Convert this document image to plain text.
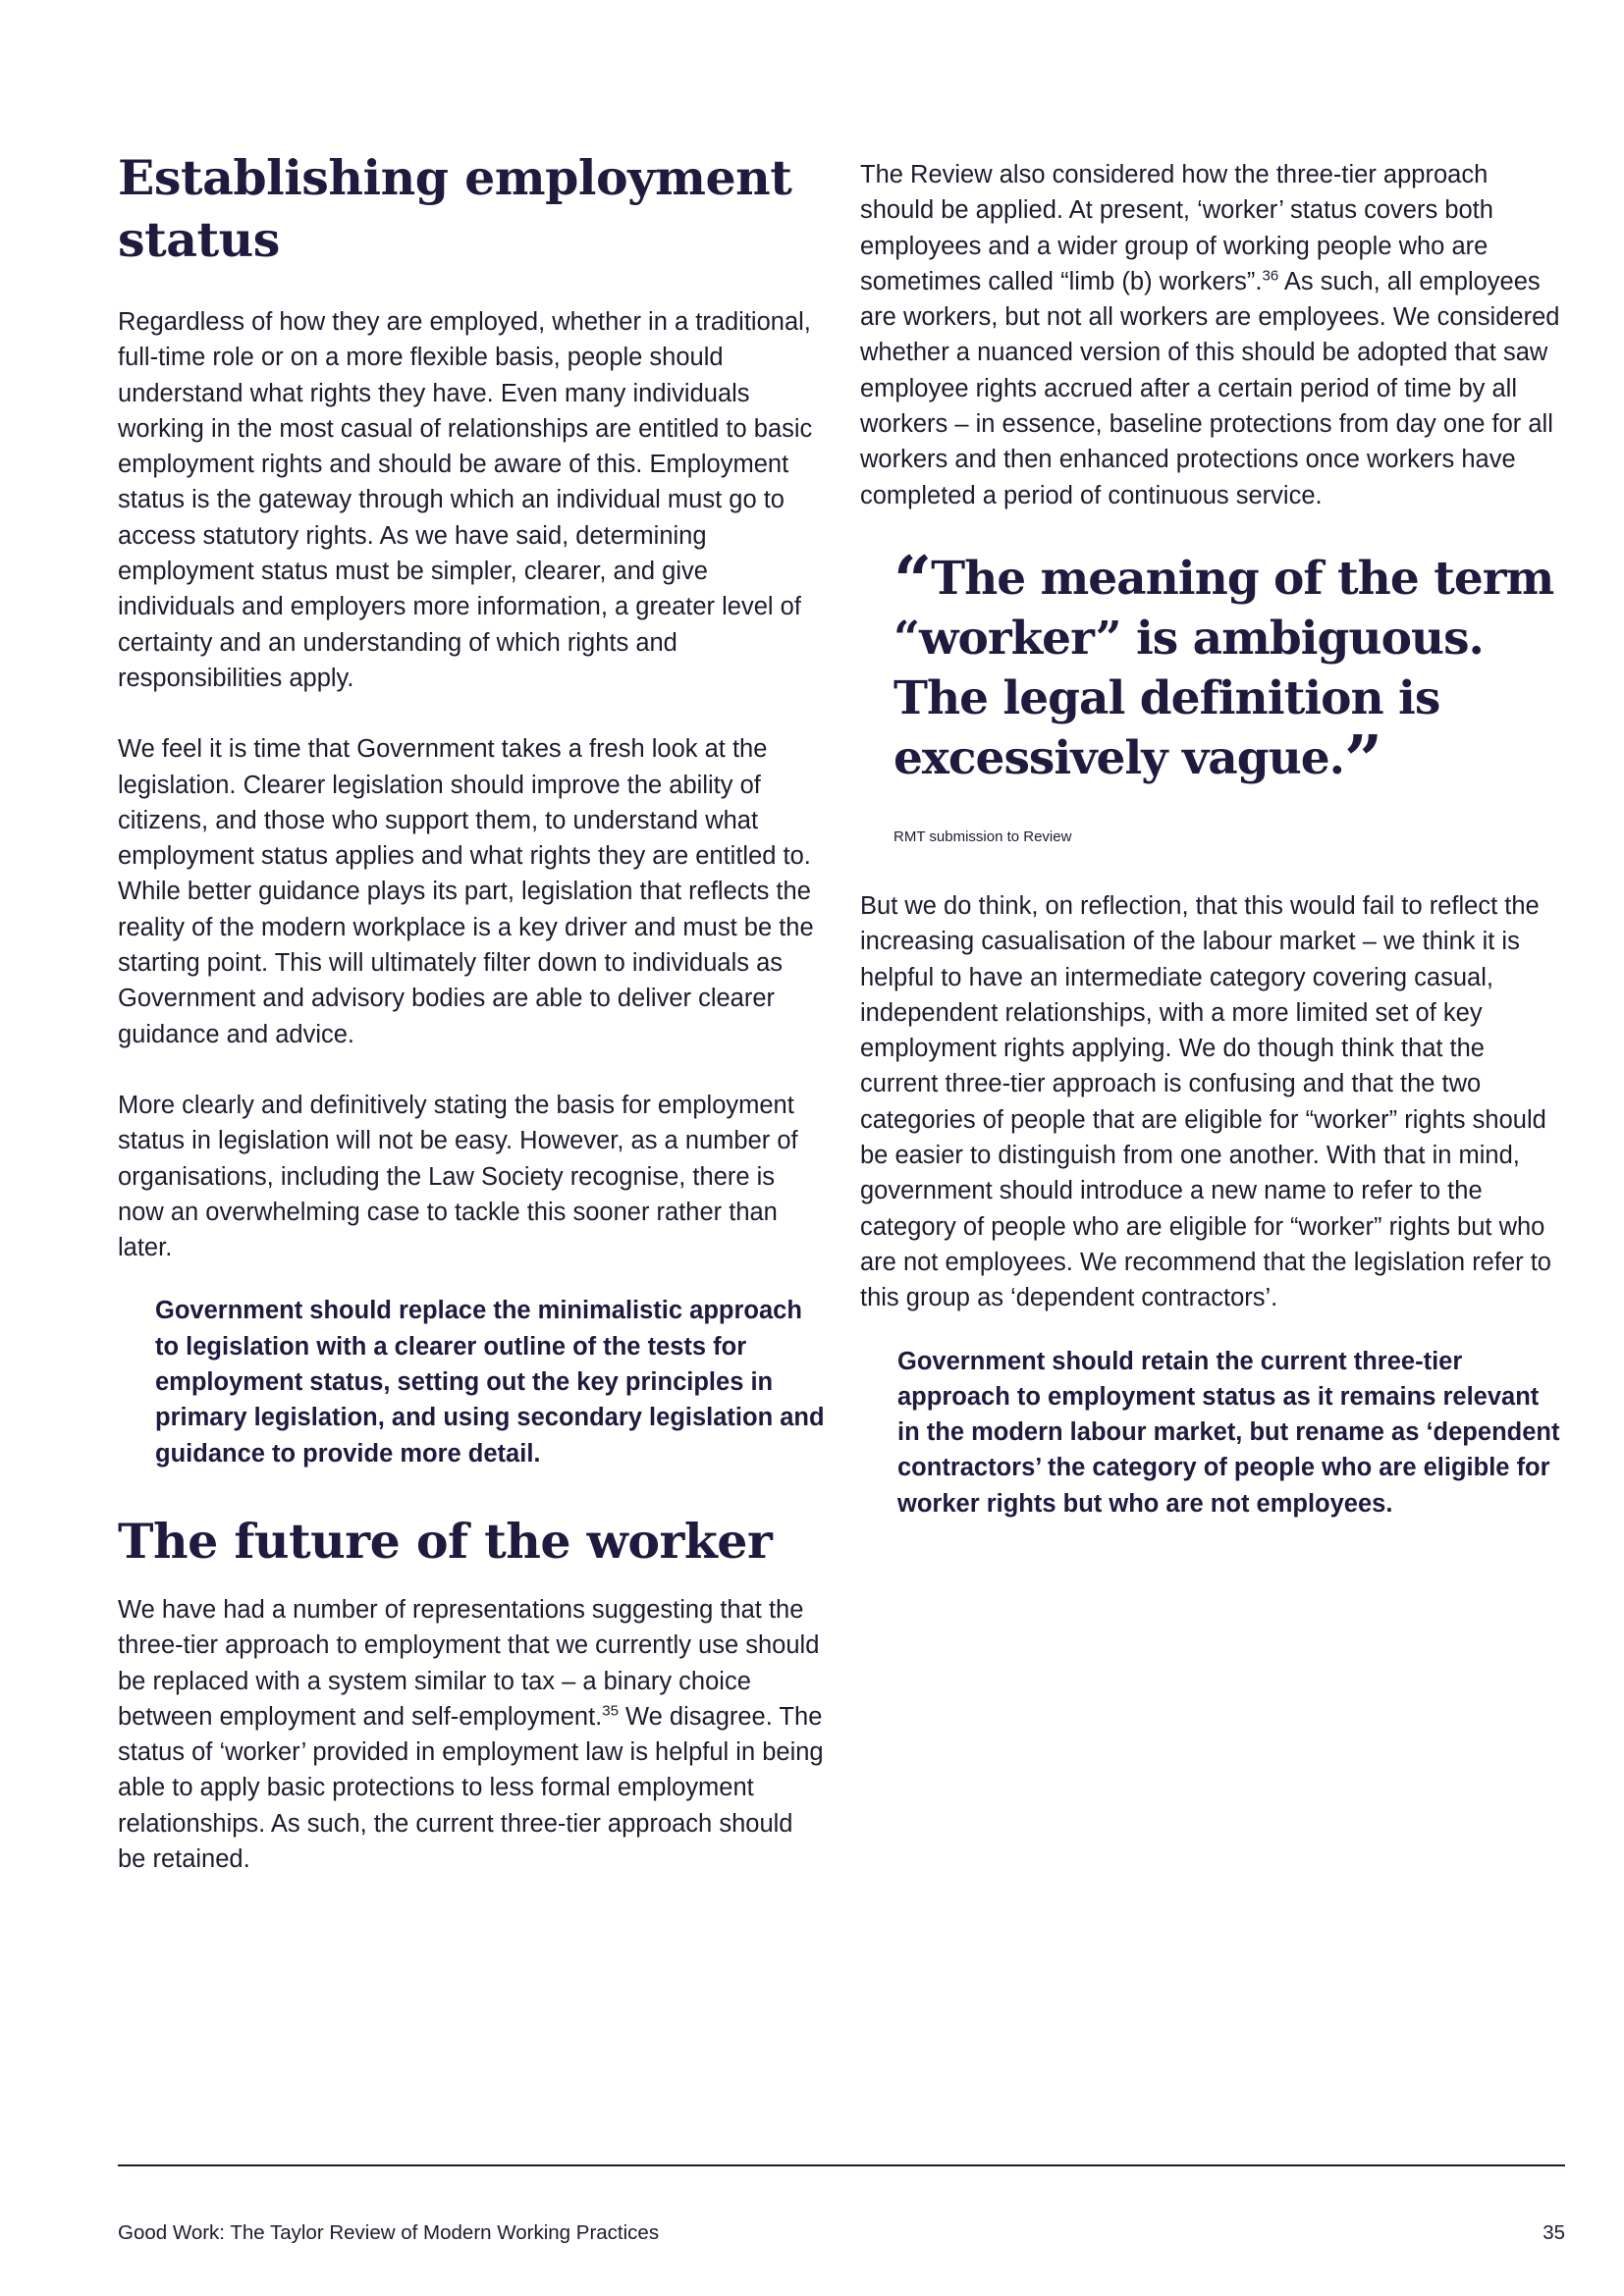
Establishing employment status

Regardless of how they are employed, whether in a traditional, full-time role or on a more flexible basis, people should understand what rights they have. Even many individuals working in the most casual of relationships are entitled to basic employment rights and should be aware of this. Employment status is the gateway through which an individual must go to access statutory rights. As we have said, determining employment status must be simpler, clearer, and give individuals and employers more information, a greater level of certainty and an understanding of which rights and responsibilities apply.

We feel it is time that Government takes a fresh look at the legislation. Clearer legislation should improve the ability of citizens, and those who support them, to understand what employment status applies and what rights they are entitled to. While better guidance plays its part, legislation that reflects the reality of the modern workplace is a key driver and must be the starting point. This will ultimately filter down to individuals as Government and advisory bodies are able to deliver clearer guidance and advice.

More clearly and definitively stating the basis for employment status in legislation will not be easy. However, as a number of organisations, including the Law Society recognise, there is now an overwhelming case to tackle this sooner rather than later.

Government should replace the minimalistic approach to legislation with a clearer outline of the tests for employment status, setting out the key principles in primary legislation, and using secondary legislation and guidance to provide more detail.

The future of the worker

We have had a number of representations suggesting that the three-tier approach to employment that we currently use should be replaced with a system similar to tax – a binary choice between employment and self-employment.$^{35}$ We disagree. The status of ‘worker’ provided in employment law is helpful in being able to apply basic protections to less formal employment relationships. As such, the current three-tier approach should be retained.

The Review also considered how the three-tier approach should be applied. At present, ‘worker’ status covers both employees and a wider group of working people who are sometimes called “limb (b) workers”.$^{36}$ As such, all employees are workers, but not all workers are employees. We considered whether a nuanced version of this should be adopted that saw employee rights accrued after a certain period of time by all workers – in essence, baseline protections from day one for all workers and then enhanced protections once workers have completed a period of continuous service.

“The meaning of the term “worker” is ambiguous. The legal definition is excessively vague.”

RMT submission to Review

But we do think, on reflection, that this would fail to reflect the increasing casualisation of the labour market – we think it is helpful to have an intermediate category covering casual, independent relationships, with a more limited set of key employment rights applying. We do though think that the current three-tier approach is confusing and that the two categories of people that are eligible for “worker” rights should be easier to distinguish from one another. With that in mind, government should introduce a new name to refer to the category of people who are eligible for “worker” rights but who are not employees. We recommend that the legislation refer to this group as ‘dependent contractors’.

Government should retain the current three-tier approach to employment status as it remains relevant in the modern labour market, but rename as ‘dependent contractors’ the category of people who are eligible for worker rights but who are not employees.

Good Work: The Taylor Review of Modern Working Practices	35
